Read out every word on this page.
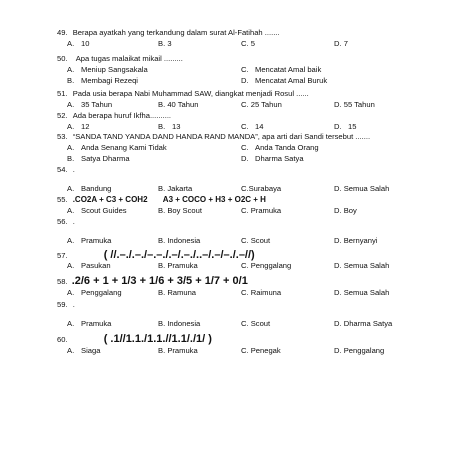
49. Berapa ayatkah yang terkandung dalam surat Al-Fatihah .......
A. 10	B. 3	C. 5	D. 7
50. Apa tugas malaikat mikail .........
A. Meniup Sangsakala	C. Mencatat Amal baik
B. Membagi Rezeqi	D. Mencatat Amal Buruk
51. Pada usia berapa Nabi Muhammad SAW, diangkat menjadi Rosul ......
A. 35 Tahun	B. 40 Tahun	C. 25 Tahun	D. 55 Tahun
52. Ada berapa huruf Ikfha..........
A. 12	B. 13	C. 14	D. 15
53. “SANDA TAND YANDA DAND HANDA RAND MANDA”, apa arti dari Sandi tersebut .......
A. Anda Senang Kami Tidak	C. Anda Tanda Orang
B. Satya Dharma	D. Dharma Satya
54. .
A. Bandung	B. Jakarta	C.Surabaya	D. Semua Salah
55. .CO2A + C3 + COH2       A3 + COCO + H3 + O2C + H
A. Scout Guides	B. Boy Scout	C. Pramuka	D. Boy
56. .
A. Pramuka	B. Indonesia	C. Scout	D. Bernyanyi
57.	( //.–./.–./–.–./.–/.–./..–/.–/–./.–//)
A. Pasukan	B. Pramuka	C. Penggalang	D. Semua Salah
58. .2/6 + 1 + 1/3 + 1/6 + 3/5 + 1/7 + 0/1
A. Penggalang	B. Ramuna	C. Raimuna	D. Semua Salah
59. .
A. Pramuka	B. Indonesia	C. Scout	D. Dharma Satya
60.	( .1//1.1./1.1.//1.1/./1/ )
A. Siaga	B. Pramuka	C. Penegak	D. Penggalang
